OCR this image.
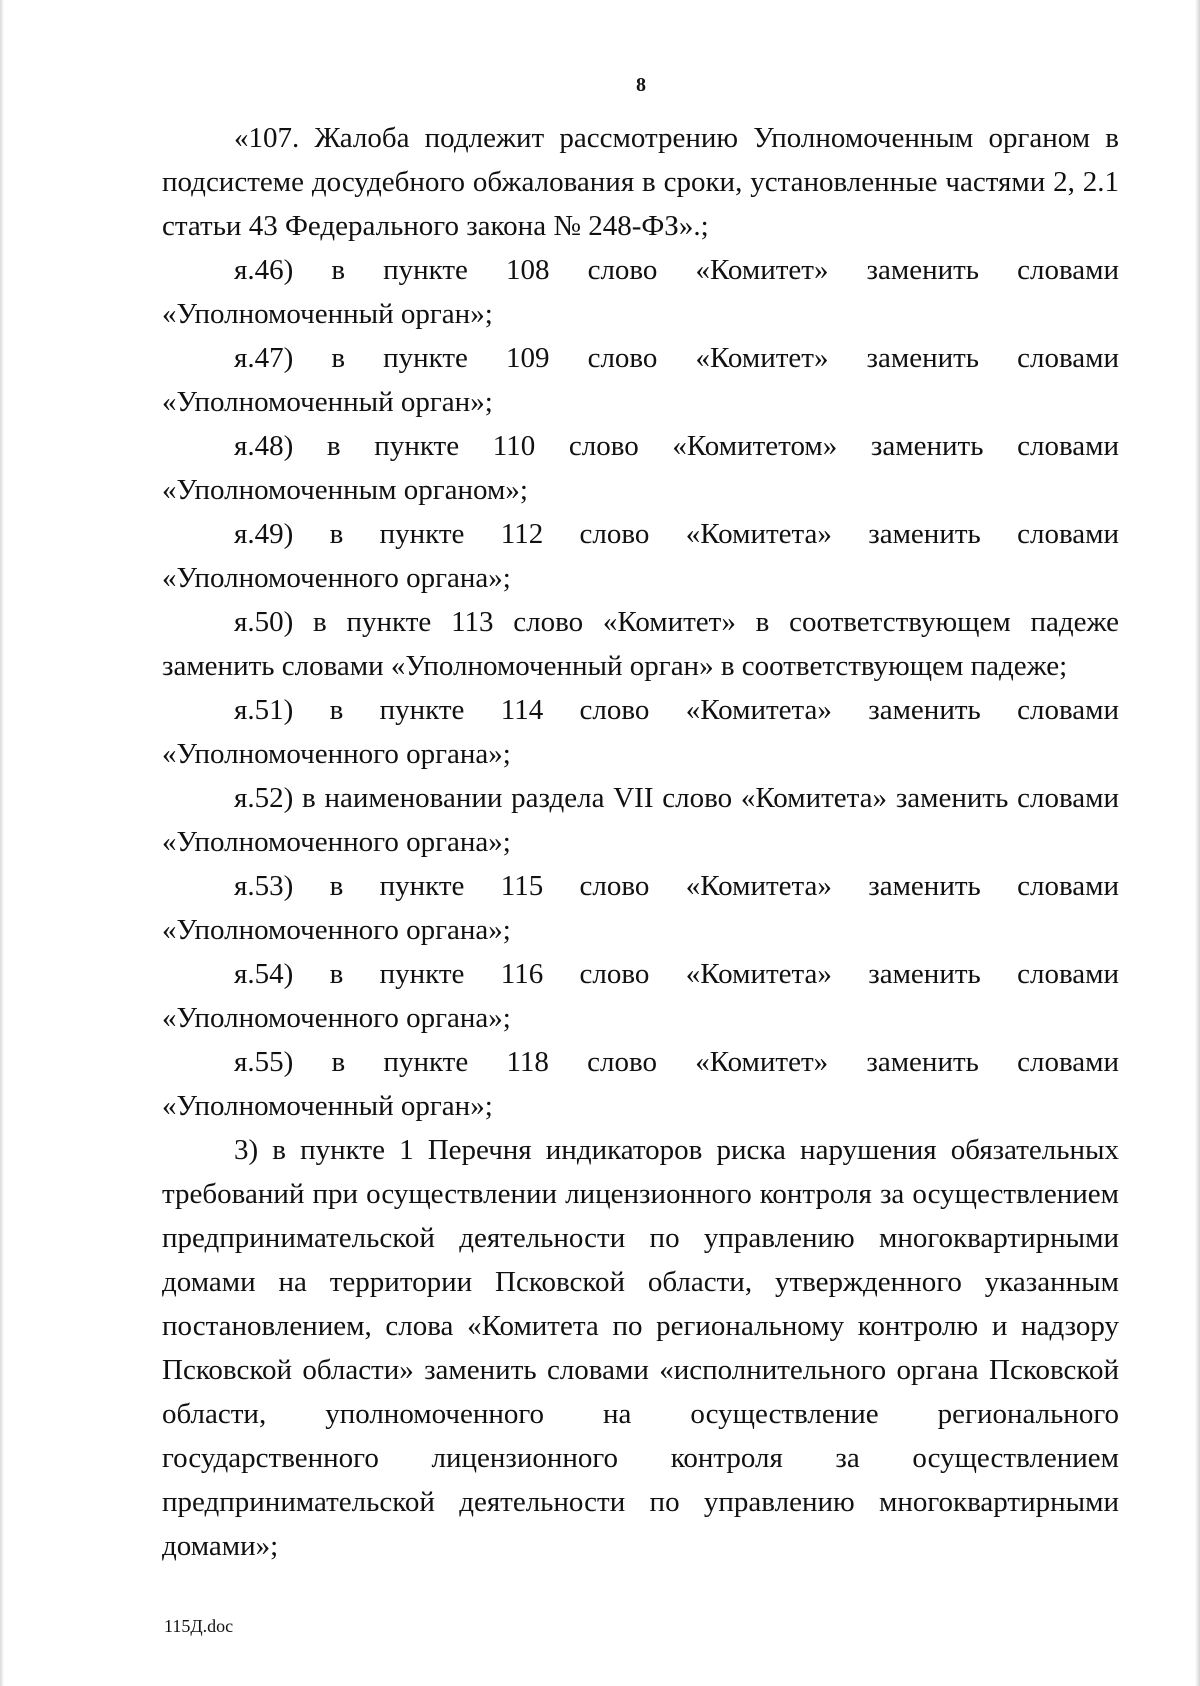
8

«107. Жалоба подлежит рассмотрению Уполномоченным органом в подсистеме досудебного обжалования в сроки, установленные частями 2, 2.1 статьи 43 Федерального закона № 248-ФЗ».;

я.46) в пункте 108 слово «Комитет» заменить словами «Уполномоченный орган»;

я.47) в пункте 109 слово «Комитет» заменить словами «Уполномоченный орган»;

я.48) в пункте 110 слово «Комитетом» заменить словами «Уполномоченным органом»;

я.49) в пункте 112 слово «Комитета» заменить словами «Уполномоченного органа»;

я.50) в пункте 113 слово «Комитет» в соответствующем падеже заменить словами «Уполномоченный орган» в соответствующем падеже;

я.51) в пункте 114 слово «Комитета» заменить словами «Уполномоченного органа»;

я.52) в наименовании раздела VII слово «Комитета» заменить словами «Уполномоченного органа»;

я.53) в пункте 115 слово «Комитета» заменить словами «Уполномоченного органа»;

я.54) в пункте 116 слово «Комитета» заменить словами «Уполномоченного органа»;

я.55) в пункте 118 слово «Комитет» заменить словами «Уполномоченный орган»;

3) в пункте 1 Перечня индикаторов риска нарушения обязательных требований при осуществлении лицензионного контроля за осуществлением предпринимательской деятельности по управлению многоквартирными домами на территории Псковской области, утвержденного указанным постановлением, слова «Комитета по региональному контролю и надзору Псковской области» заменить словами «исполнительного органа Псковской области, уполномоченного на осуществление регионального государственного лицензионного контроля за осуществлением предпринимательской деятельности по управлению многоквартирными домами»;

115Д.doc
